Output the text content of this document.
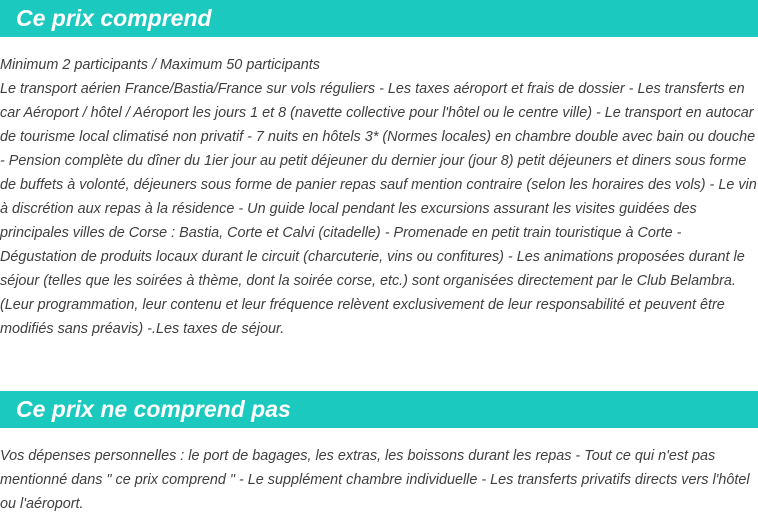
Ce prix comprend

Minimum 2 participants / Maximum 50 participants

Le transport aérien France/Bastia/France sur vols réguliers - Les taxes aéroport et frais de dossier - Les transferts en car Aéroport / hôtel / Aéroport les jours 1 et 8 (navette collective pour l'hôtel ou le centre ville) - Le transport en autocar de tourisme local climatisé non privatif - 7 nuits en hôtels 3* (Normes locales) en chambre double avec bain ou douche - Pension complète du dîner du 1ier jour au petit déjeuner du dernier jour (jour 8) petit déjeuners et diners sous forme de buffets à volonté, déjeuners sous forme de panier repas sauf mention contraire (selon les horaires des vols) - Le vin à discrétion aux repas à la résidence - Un guide local pendant les excursions assurant les visites guidées des principales villes de Corse : Bastia, Corte et Calvi (citadelle) - Promenade en petit train touristique à Corte - Dégustation de produits locaux durant le circuit (charcuterie, vins ou confitures) - Les animations proposées durant le séjour (telles que les soirées à thème, dont la soirée corse, etc.) sont organisées directement par le Club Belambra. (Leur programmation, leur contenu et leur fréquence relèvent exclusivement de leur responsabilité et peuvent être modifiés sans préavis) -.Les taxes de séjour.

Ce prix ne comprend pas

Vos dépenses personnelles : le port de bagages, les extras, les boissons durant les repas - Tout ce qui n'est pas mentionné dans " ce prix comprend " - Le supplément chambre individuelle - Les transferts privatifs directs vers l'hôtel ou l'aéroport.
